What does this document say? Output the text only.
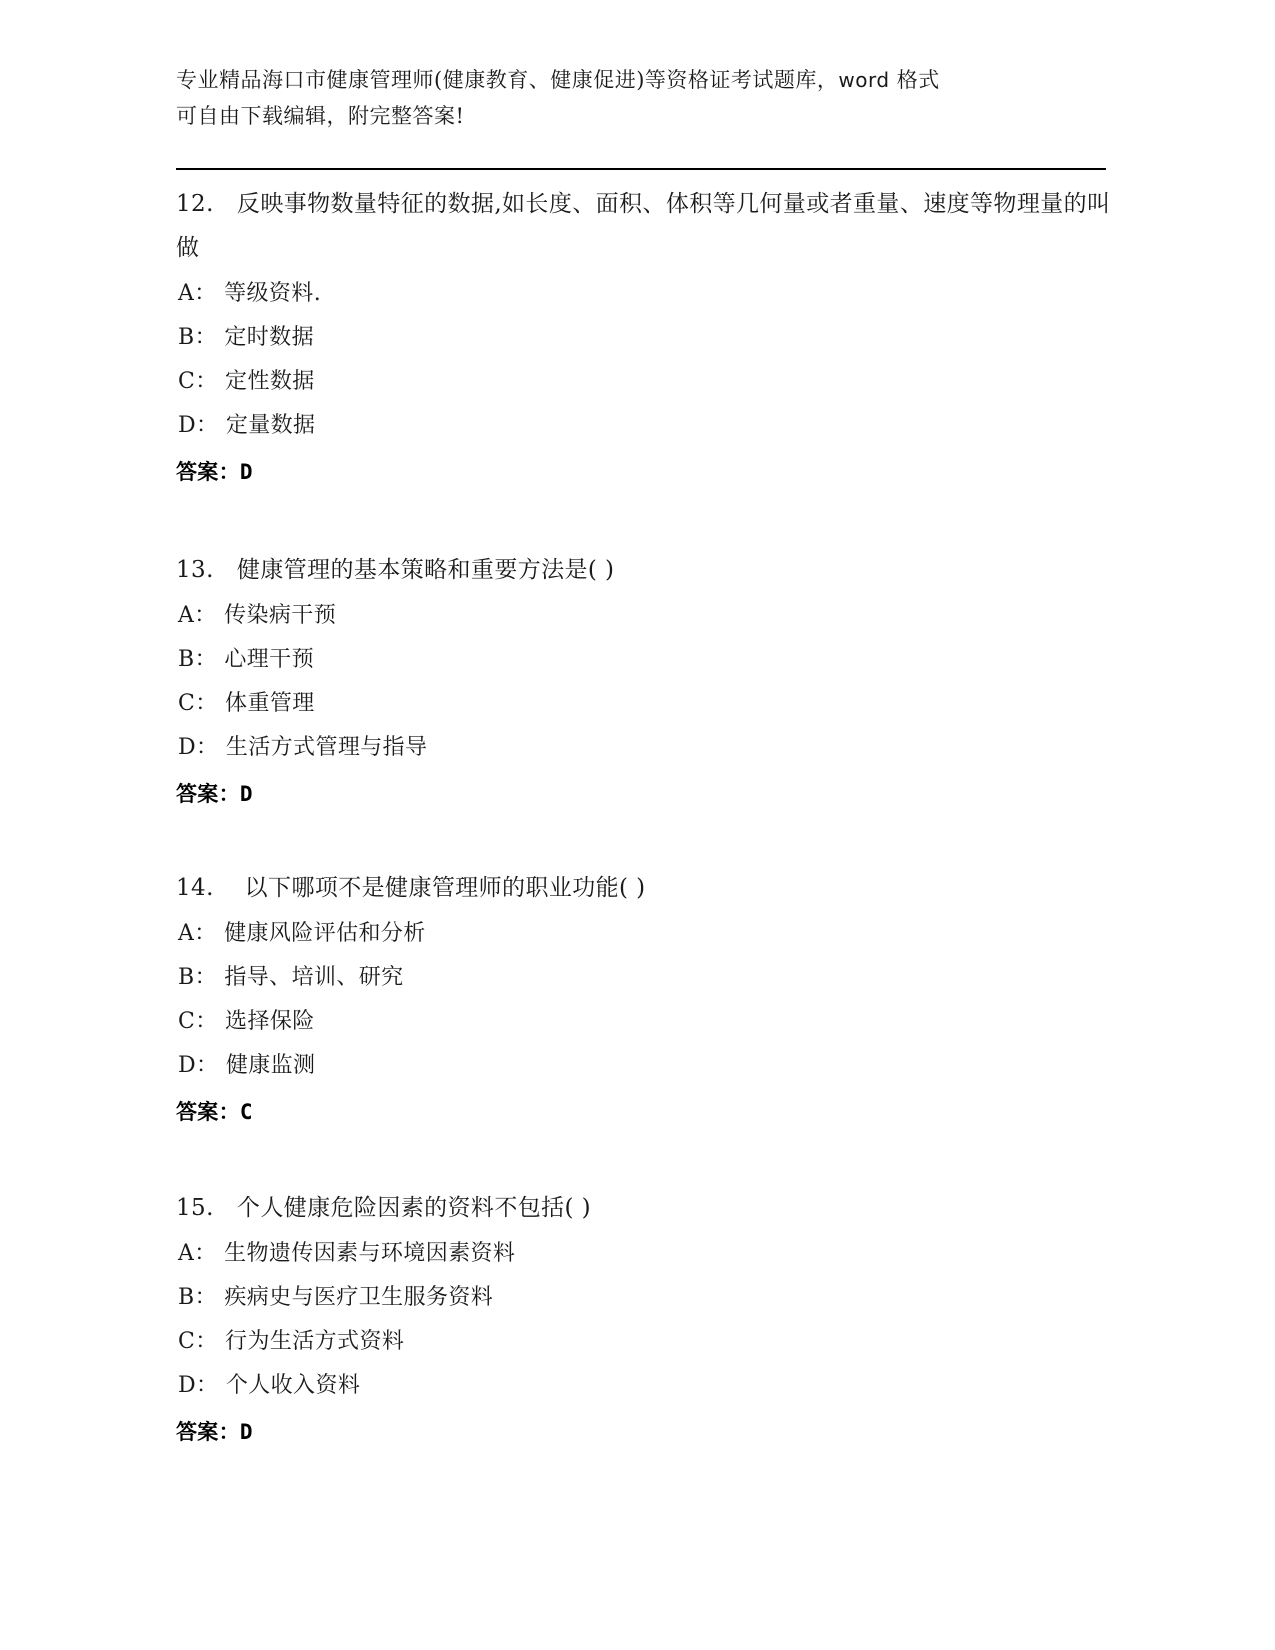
专业精品海口市健康管理师(健康教育、健康促进)等资格证考试题库，word 格式
可自由下载编辑，附完整答案!
12. 反映事物数量特征的数据,如长度、面积、体积等几何量或者重量、速度等物理量的叫做
A： 等级资料.
B： 定时数据
C： 定性数据
D： 定量数据
答案：D
13. 健康管理的基本策略和重要方法是( )
A： 传染病干预
B： 心理干预
C： 体重管理
D： 生活方式管理与指导
答案：D
14. 以下哪项不是健康管理师的职业功能( )
A： 健康风险评估和分析
B： 指导、培训、研究
C： 选择保险
D： 健康监测
答案：C
15. 个人健康危险因素的资料不包括( )
A： 生物遗传因素与环境因素资料
B： 疾病史与医疗卫生服务资料
C： 行为生活方式资料
D： 个人收入资料
答案：D
